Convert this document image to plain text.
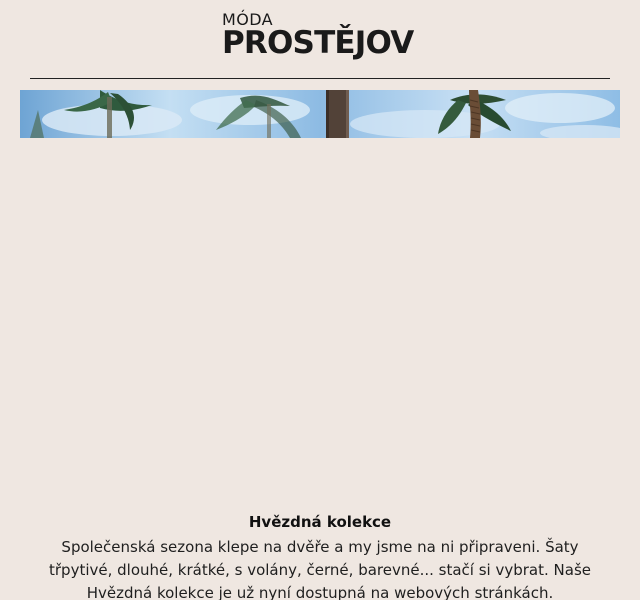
MÓDA
PROSTĚJOV
Hvězdná kolekce
Společenská sezona klepe na dvěře a my jsme na ni připraveni. Šaty třpytivé, dlouhé, krátké, s volány, černé, barevné... stačí si vybrat. Naše Hvězdná kolekce je už nyní dostupná na webových stránkách.
